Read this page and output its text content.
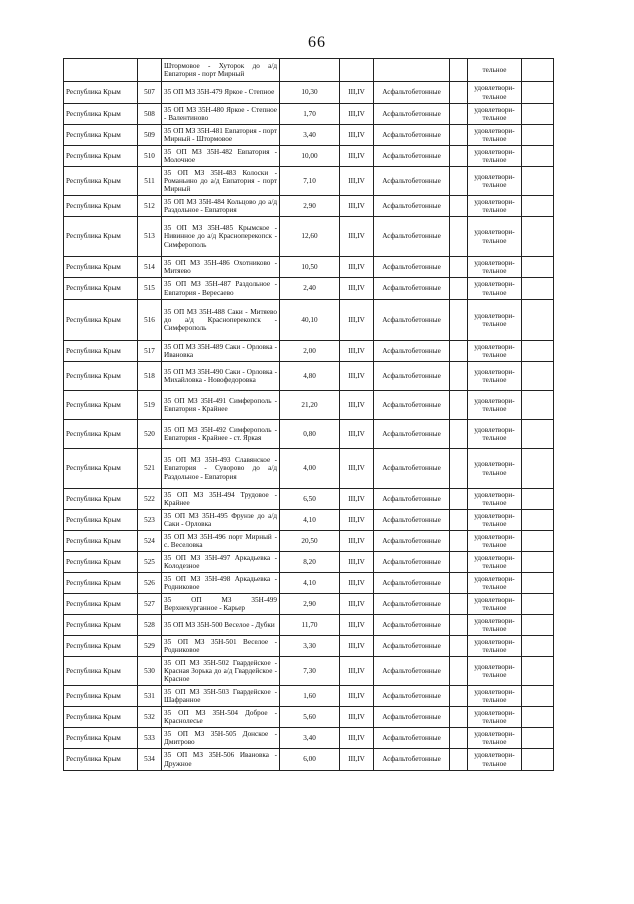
66
		Штормовое - Хуторок до а/д Евпатория - порт Мирный					тельное	
Республика Крым	507	35 ОП МЗ 35Н-479 Яркое - Степное	10,30	III,IV	Асфальтобетонные		удовлетвори-тельное	
Республика Крым	508	35 ОП МЗ 35Н-480 Яркое - Степное - Валентиново	1,70	III,IV	Асфальтобетонные		удовлетвори-тельное	
Республика Крым	509	35 ОП МЗ 35Н-481 Евпатория - порт Мирный - Штормовое	3,40	III,IV	Асфальтобетонные		удовлетвори-тельное	
Республика Крым	510	35 ОП МЗ 35Н-482 Евпатория - Молочное	10,00	III,IV	Асфальтобетонные		удовлетвори-тельное	
Республика Крым	511	35 ОП МЗ 35Н-483 Колоски - Романьино до а/д Евпатория - порт Мирный	7,10	III,IV	Асфальтобетонные		удовлетвори-тельное	
Республика Крым	512	35 ОП МЗ 35Н-484 Кольцово до а/д Раздольное - Евпатория	2,90	III,IV	Асфальтобетонные		удовлетвори-тельное	
Республика Крым	513	35 ОП МЗ 35Н-485 Крымское - Нивинное до а/д Красноперекопск - Симферополь	12,60	III,IV	Асфальтобетонные		удовлетвори-тельное	
Республика Крым	514	35 ОП МЗ 35Н-486 Охотниково - Митяево	10,50	III,IV	Асфальтобетонные		удовлетвори-тельное	
Республика Крым	515	35 ОП МЗ 35Н-487 Раздольное - Евпатория - Вересаево	2,40	III,IV	Асфальтобетонные		удовлетвори-тельное	
Республика Крым	516	35 ОП МЗ 35Н-488 Саки - Митяево до а/д Красноперекопск - Симферополь	40,10	III,IV	Асфальтобетонные		удовлетвори-тельное	
Республика Крым	517	35 ОП МЗ 35Н-489 Саки - Орловка - Ивановка	2,00	III,IV	Асфальтобетонные		удовлетвори-тельное	
Республика Крым	518	35 ОП МЗ 35Н-490 Саки - Орловка - Михайловка - Новофедоровка	4,80	III,IV	Асфальтобетонные		удовлетвори-тельное	
Республика Крым	519	35 ОП МЗ 35Н-491 Симферополь - Евпатория - Крайнее	21,20	III,IV	Асфальтобетонные		удовлетвори-тельное	
Республика Крым	520	35 ОП МЗ 35Н-492 Симферополь - Евпатория - Крайнее - ст. Яркая	0,80	III,IV	Асфальтобетонные		удовлетвори-тельное	
Республика Крым	521	35 ОП МЗ 35Н-493 Славянское - Евпатория - Суворово до а/д Раздольное - Евпатория	4,00	III,IV	Асфальтобетонные		удовлетвори-тельное	
Республика Крым	522	35 ОП МЗ 35Н-494 Трудовое - Крайнее	6,50	III,IV	Асфальтобетонные		удовлетвори-тельное	
Республика Крым	523	35 ОП МЗ 35Н-495 Фрунзе до а/д Саки - Орловка	4,10	III,IV	Асфальтобетонные		удовлетвори-тельное	
Республика Крым	524	35 ОП МЗ 35Н-496 порт Мирный - с. Веселовка	20,50	III,IV	Асфальтобетонные		удовлетвори-тельное	
Республика Крым	525	35 ОП МЗ 35Н-497 Аркадьевка - Колодезное	8,20	III,IV	Асфальтобетонные		удовлетвори-тельное	
Республика Крым	526	35 ОП МЗ 35Н-498 Аркадьевка - Родниковое	4,10	III,IV	Асфальтобетонные		удовлетвори-тельное	
Республика Крым	527	35 ОП МЗ 35Н-499 Верхнекурганное - Карьер	2,90	III,IV	Асфальтобетонные		удовлетвори-тельное	
Республика Крым	528	35 ОП МЗ 35Н-500 Веселое - Дубки	11,70	III,IV	Асфальтобетонные		удовлетвори-тельное	
Республика Крым	529	35 ОП МЗ 35Н-501 Веселое - Родниковое	3,30	III,IV	Асфальтобетонные		удовлетвори-тельное	
Республика Крым	530	35 ОП МЗ 35Н-502 Гвардейское - Красная Зорька до а/д Гвардейское - Красное	7,30	III,IV	Асфальтобетонные		удовлетвори-тельное	
Республика Крым	531	35 ОП МЗ 35Н-503 Гвардейское - Шафранное	1,60	III,IV	Асфальтобетонные		удовлетвори-тельное	
Республика Крым	532	35 ОП МЗ 35Н-504 Доброе - Краснолесье	5,60	III,IV	Асфальтобетонные		удовлетвори-тельное	
Республика Крым	533	35 ОП МЗ 35Н-505 Донское - Дмитрово	3,40	III,IV	Асфальтобетонные		удовлетвори-тельное	
Республика Крым	534	35 ОП МЗ 35Н-506 Ивановка - Дружное	6,00	III,IV	Асфальтобетонные		удовлетвори-тельное	
